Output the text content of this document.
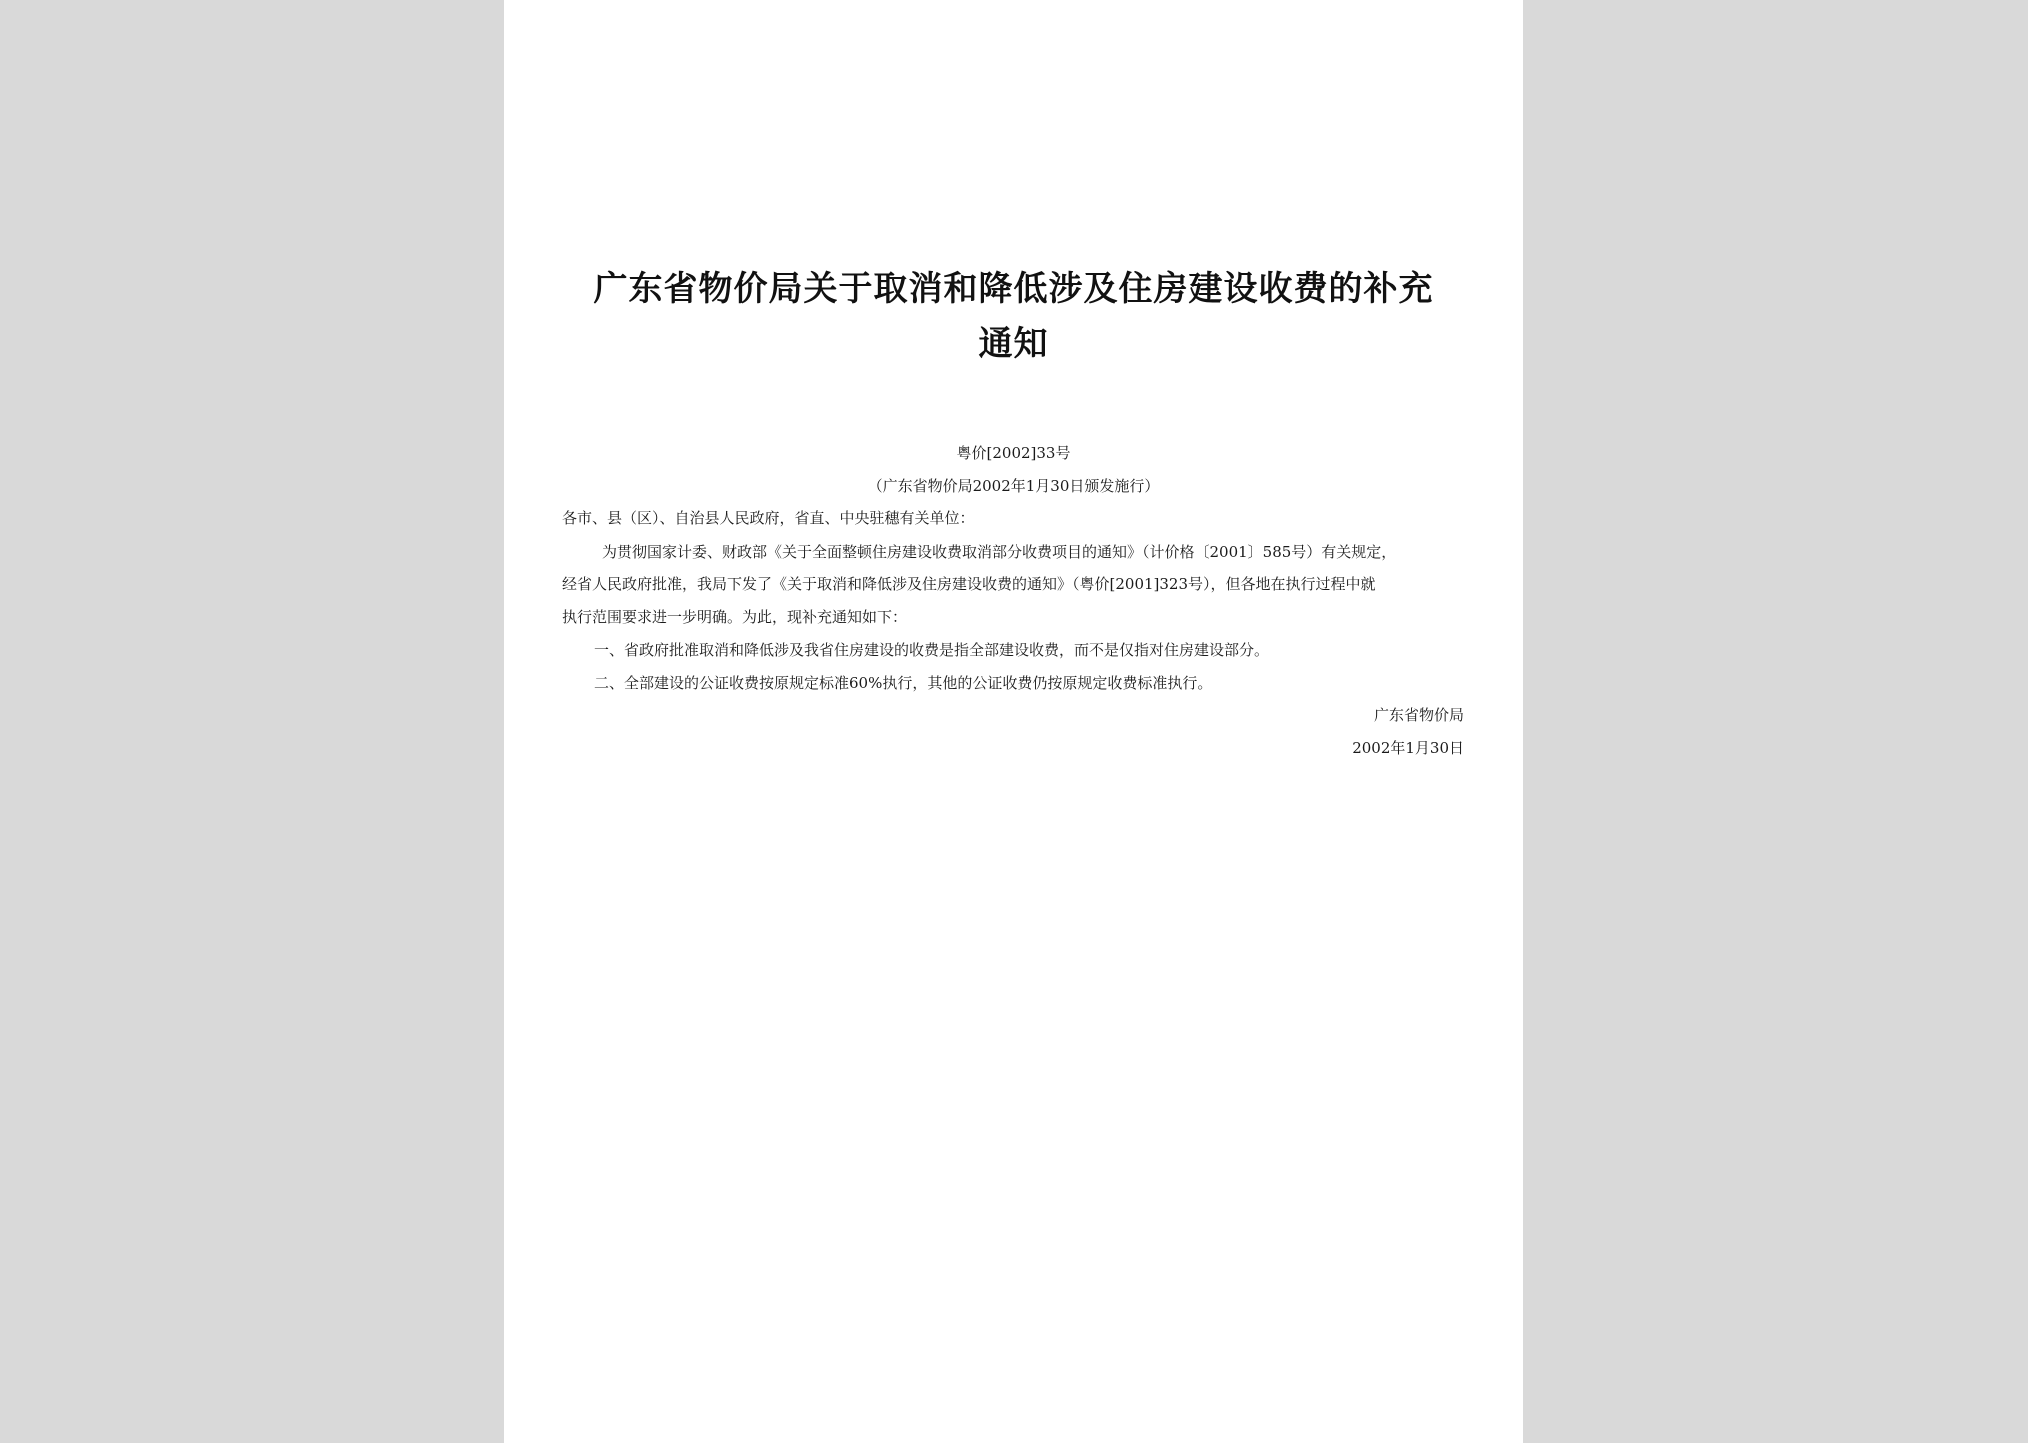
广东省物价局关于取消和降低涉及住房建设收费的补充
通知
粤价[2002]33号
（广东省物价局2002年1月30日颁发施行）
各市、县（区）、自治县人民政府，省直、中央驻穗有关单位：
为贯彻国家计委、财政部《关于全面整顿住房建设收费取消部分收费项目的通知》（计价格〔2001〕585号）有关规定，
经省人民政府批准，我局下发了《关于取消和降低涉及住房建设收费的通知》（粤价[2001]323号），但各地在执行过程中就
执行范围要求进一步明确。为此，现补充通知如下：
一、省政府批准取消和降低涉及我省住房建设的收费是指全部建设收费，而不是仅指对住房建设部分。
二、全部建设的公证收费按原规定标准60%执行，其他的公证收费仍按原规定收费标准执行。
广东省物价局
2002年1月30日
